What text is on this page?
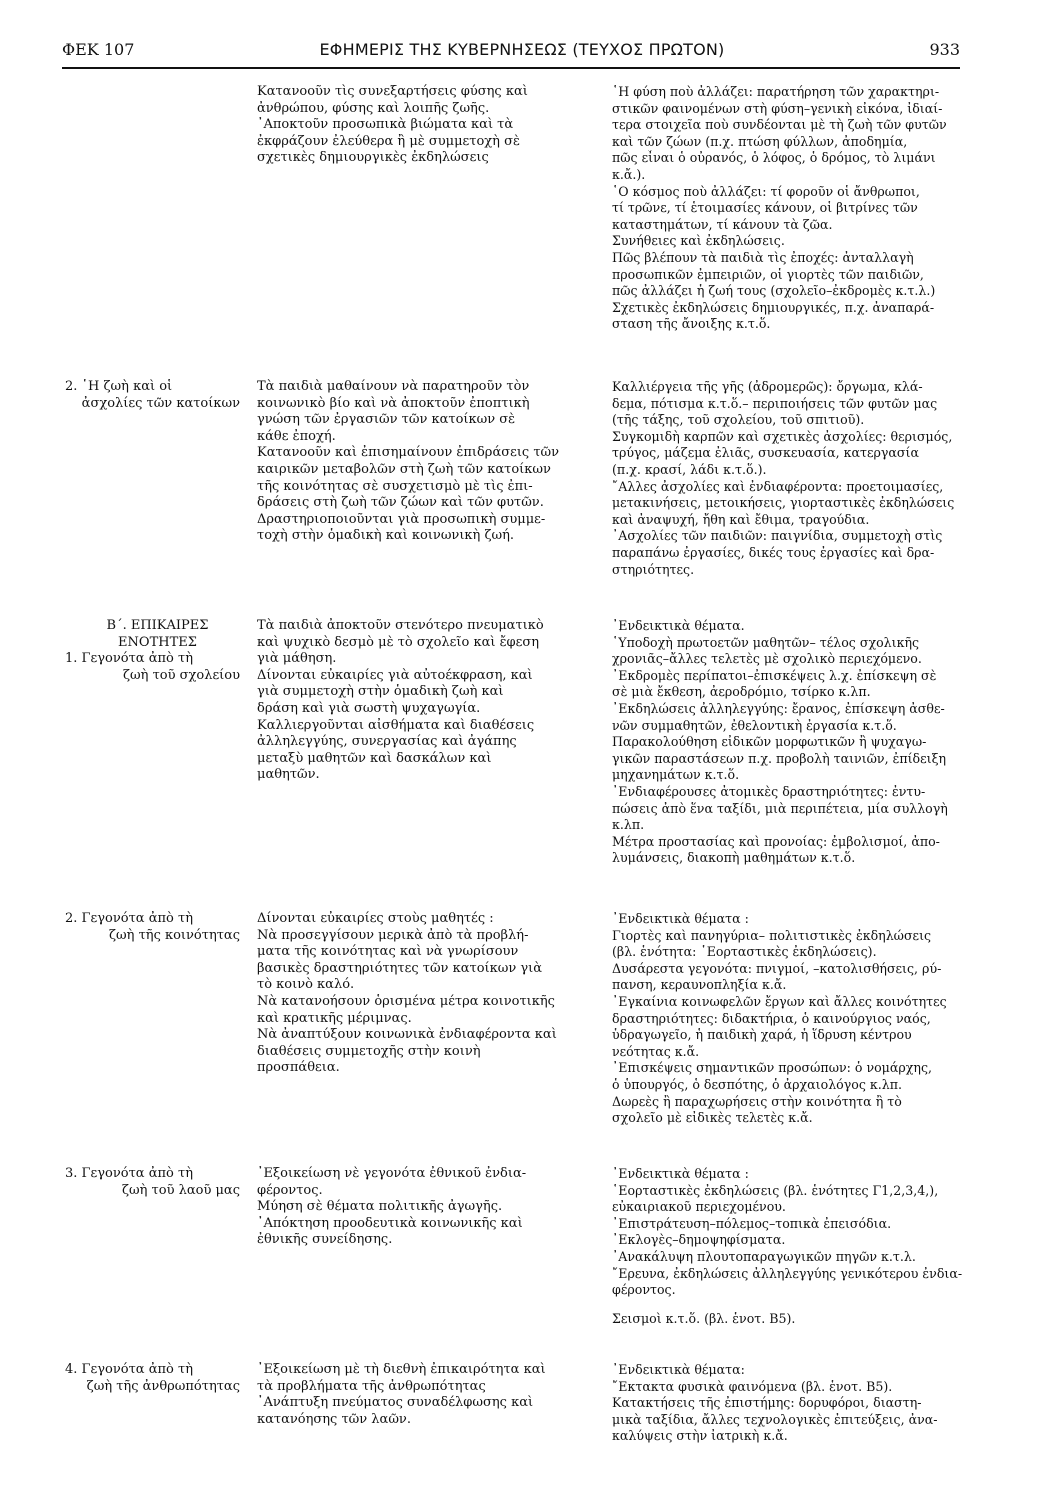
ΦΕΚ 107	ΕΦΗΜΕΡΙΣ ΤΗΣ ΚΥΒΕΡΝΗΣΕΩΣ (ΤΕΥΧΟΣ ΠΡΩΤΟΝ)	933
Κατανοοῦν τὶς συνεξαρτήσεις φύσης καὶ
ἀνθρώπου, φύσης καὶ λοιπῆς ζωῆς.
᾿Αποκτοῦν προσωπικὰ βιώματα καὶ τὰ
ἐκφράζουν ἐλεύθερα ἢ μὲ συμμετοχὴ σὲ
σχετικὲς δημιουργικὲς ἐκδηλώσεις
῾Η φύση ποὺ ἀλλάζει: παρατήρηση τῶν χαρακτηρι-
στικῶν φαινομένων στὴ φύση–γενικὴ εἰκόνα, ἰδιαί-
τερα στοιχεῖα ποὺ συνδέονται μὲ τὴ ζωὴ τῶν φυτῶν
καὶ τῶν ζώων (π.χ. πτώση φύλλων, ἀποδημία,
πῶς εἶναι ὁ οὐρανός, ὁ λόφος, ὁ δρόμος, τὸ λιμάνι
κ.ἄ.).
῾Ο κόσμος ποὺ ἀλλάζει: τί φοροῦν οἱ ἄνθρωποι,
τί τρῶνε, τί ἑτοιμασίες κάνουν, οἱ βιτρίνες τῶν
καταστημάτων, τί κάνουν τὰ ζῶα.
Συνήθειες καὶ ἐκδηλώσεις.
Πῶς βλέπουν τὰ παιδιὰ τὶς ἐποχές: ἀνταλλαγὴ
προσωπικῶν ἐμπειριῶν, οἱ γιορτὲς τῶν παιδιῶν,
πῶς ἀλλάζει ἡ ζωή τους (σχολεῖο–ἐκδρομὲς κ.τ.λ.)
Σχετικὲς ἐκδηλώσεις δημιουργικές, π.χ. ἀναπαρά-
σταση τῆς ἄνοιξης κ.τ.ὅ.
2. ῾Η ζωὴ καὶ οἱ
ἀσχολίες τῶν κατοίκων
Τὰ παιδιὰ μαθαίνουν νὰ παρατηροῦν τὸν
κοινωνικὸ βίο καὶ νὰ ἀποκτοῦν ἐποπτικὴ
γνώση τῶν ἐργασιῶν τῶν κατοίκων σὲ
κάθε ἐποχή.
Κατανοοῦν καὶ ἐπισημαίνουν ἐπιδράσεις τῶν
καιρικῶν μεταβολῶν στὴ ζωὴ τῶν κατοίκων
τῆς κοινότητας σὲ συσχετισμὸ μὲ τὶς ἐπι-
δράσεις στὴ ζωὴ τῶν ζώων καὶ τῶν φυτῶν.
Δραστηριοποιοῦνται γιὰ προσωπικὴ συμμε-
τοχὴ στὴν ὁμαδικὴ καὶ κοινωνικὴ ζωή.
Καλλιέργεια τῆς γῆς (ἀδρομερῶς): ὄργωμα, κλά-
δεμα, πότισμα κ.τ.ὅ.– περιποιήσεις τῶν φυτῶν μας
(τῆς τάξης, τοῦ σχολείου, τοῦ σπιτιοῦ).
Συγκομιδὴ καρπῶν καὶ σχετικὲς ἀσχολίες: θερισμός,
τρύγος, μάζεμα ἐλιᾶς, συσκευασία, κατεργασία
(π.χ. κρασί, λάδι κ.τ.ὅ.).
῎Αλλες ἀσχολίες καὶ ἐνδιαφέροντα: προετοιμασίες,
μετακινήσεις, μετοικήσεις, γιορταστικὲς ἐκδηλώσεις
καὶ ἀναψυχή, ἤθη καὶ ἔθιμα, τραγούδια.
᾿Ασχολίες τῶν παιδιῶν: παιγνίδια, συμμετοχὴ στὶς
παραπάνω ἐργασίες, δικές τους ἐργασίες καὶ δρα-
στηριότητες.
Β΄. ΕΠΙΚΑΙΡΕΣ
ΕΝΟΤΗΤΕΣ
1. Γεγονότα ἀπὸ τὴ
ζωὴ τοῦ σχολείου
Τὰ παιδιὰ ἀποκτοῦν στενότερο πνευματικὸ
καὶ ψυχικὸ δεσμὸ μὲ τὸ σχολεῖο καὶ ἔφεση
γιὰ μάθηση.
Δίνονται εὐκαιρίες γιὰ αὐτοέκφραση, καὶ
γιὰ συμμετοχὴ στὴν ὁμαδικὴ ζωὴ καὶ
δράση καὶ γιὰ σωστὴ ψυχαγωγία.
Καλλιεργοῦνται αἰσθήματα καὶ διαθέσεις
ἀλληλεγγύης, συνεργασίας καὶ ἀγάπης
μεταξὺ μαθητῶν καὶ δασκάλων καὶ
μαθητῶν.
᾿Ενδεικτικὰ θέματα.
῾Υποδοχὴ πρωτοετῶν μαθητῶν– τέλος σχολικῆς
χρονιᾶς–ἄλλες τελετὲς μὲ σχολικὸ περιεχόμενο.
᾿Εκδρομὲς περίπατοι–ἐπισκέψεις λ.χ. ἐπίσκεψη σὲ
σὲ μιὰ ἔκθεση, ἀεροδρόμιο, τσίρκο κ.λπ.
᾿Εκδηλώσεις ἀλληλεγγύης: ἔρανος, ἐπίσκεψη ἀσθε-
νῶν συμμαθητῶν, ἐθελοντικὴ ἐργασία κ.τ.ὅ.
Παρακολούθηση εἰδικῶν μορφωτικῶν ἢ ψυχαγω-
γικῶν παραστάσεων π.χ. προβολὴ ταινιῶν, ἐπίδειξη
μηχανημάτων κ.τ.ὅ.
᾿Ενδιαφέρουσες ἀτομικὲς δραστηριότητες: ἐντυ-
πώσεις ἀπὸ ἕνα ταξίδι, μιὰ περιπέτεια, μία συλλογὴ
κ.λπ.
Μέτρα προστασίας καὶ προνοίας: ἐμβολισμοί, ἀπο-
λυμάνσεις, διακοπὴ μαθημάτων κ.τ.ὅ.
2. Γεγονότα ἀπὸ τὴ
ζωὴ τῆς κοινότητας
Δίνονται εὐκαιρίες στοὺς μαθητές :
Νὰ προσεγγίσουν μερικὰ ἀπὸ τὰ προβλή-
ματα τῆς κοινότητας καὶ νὰ γνωρίσουν
βασικὲς δραστηριότητες τῶν κατοίκων γιὰ
τὸ κοινὸ καλό.
Νὰ κατανοήσουν ὁρισμένα μέτρα κοινοτικῆς
καὶ κρατικῆς μέριμνας.
Νὰ ἀναπτύξουν κοινωνικὰ ἐνδιαφέροντα καὶ
διαθέσεις συμμετοχῆς στὴν κοινὴ
προσπάθεια.
᾿Ενδεικτικὰ θέματα :
Γιορτὲς καὶ πανηγύρια– πολιτιστικὲς ἐκδηλώσεις
(βλ. ἑνότητα: ῾Εορταστικὲς ἐκδηλώσεις).
Δυσάρεστα γεγονότα: πνιγμοί, –κατολισθήσεις, ρύ-
πανση, κεραυνοπληξία κ.ἄ.
᾿Εγκαίνια κοινωφελῶν ἔργων καὶ ἄλλες κοινότητες
δραστηριότητες: διδακτήρια, ὁ καινούργιος ναός,
ὑδραγωγεῖο, ἡ παιδικὴ χαρά, ἡ ἵδρυση κέντρου
νεότητας κ.ἄ.
᾿Επισκέψεις σημαντικῶν προσώπων: ὁ νομάρχης,
ὁ ὑπουργός, ὁ δεσπότης, ὁ ἀρχαιολόγος κ.λπ.
Δωρεὲς ἢ παραχωρήσεις στὴν κοινότητα ἢ τὸ
σχολεῖο μὲ εἰδικὲς τελετὲς κ.ἄ.
3. Γεγονότα ἀπὸ τὴ
ζωὴ τοῦ λαοῦ μας
᾿Εξοικείωση νὲ γεγονότα ἐθνικοῦ ἐνδια-
φέροντος.
Μύηση σὲ θέματα πολιτικῆς ἀγωγῆς.
᾿Απόκτηση προοδευτικὰ κοινωνικῆς καὶ
ἐθνικῆς συνείδησης.
᾿Ενδεικτικὰ θέματα :
῾Εορταστικὲς ἐκδηλώσεις (βλ. ἑνότητες Γ1,2,3,4,),
εὐκαιριακοῦ περιεχομένου.
᾿Επιστράτευση–πόλεμος–τοπικὰ ἐπεισόδια.
᾿Εκλογὲς–δημοψηφίσματα.
᾿Ανακάλυψη πλουτοπαραγωγικῶν πηγῶν κ.τ.λ.
῎Ερευνα, ἐκδηλώσεις ἀλληλεγγύης γενικότερου ἐνδια-
φέροντος.
Σεισμοὶ κ.τ.ὅ. (βλ. ἑνοτ. Β5).
4. Γεγονότα ἀπὸ τὴ
ζωὴ τῆς ἀνθρωπότητας
᾿Εξοικείωση μὲ τὴ διεθνὴ ἐπικαιρότητα καὶ
τὰ προβλήματα τῆς ἀνθρωπότητας
᾿Ανάπτυξη πνεύματος συναδέλφωσης καὶ
κατανόησης τῶν λαῶν.
᾿Ενδεικτικὰ θέματα:
῎Εκτακτα φυσικὰ φαινόμενα (βλ. ἑνοτ. Β5).
Κατακτήσεις τῆς ἐπιστήμης: δορυφόροι, διαστη-
μικὰ ταξίδια, ἄλλες τεχνολογικὲς ἐπιτεύξεις, ἀνα-
καλύψεις στὴν ἰατρικὴ κ.ἄ.
